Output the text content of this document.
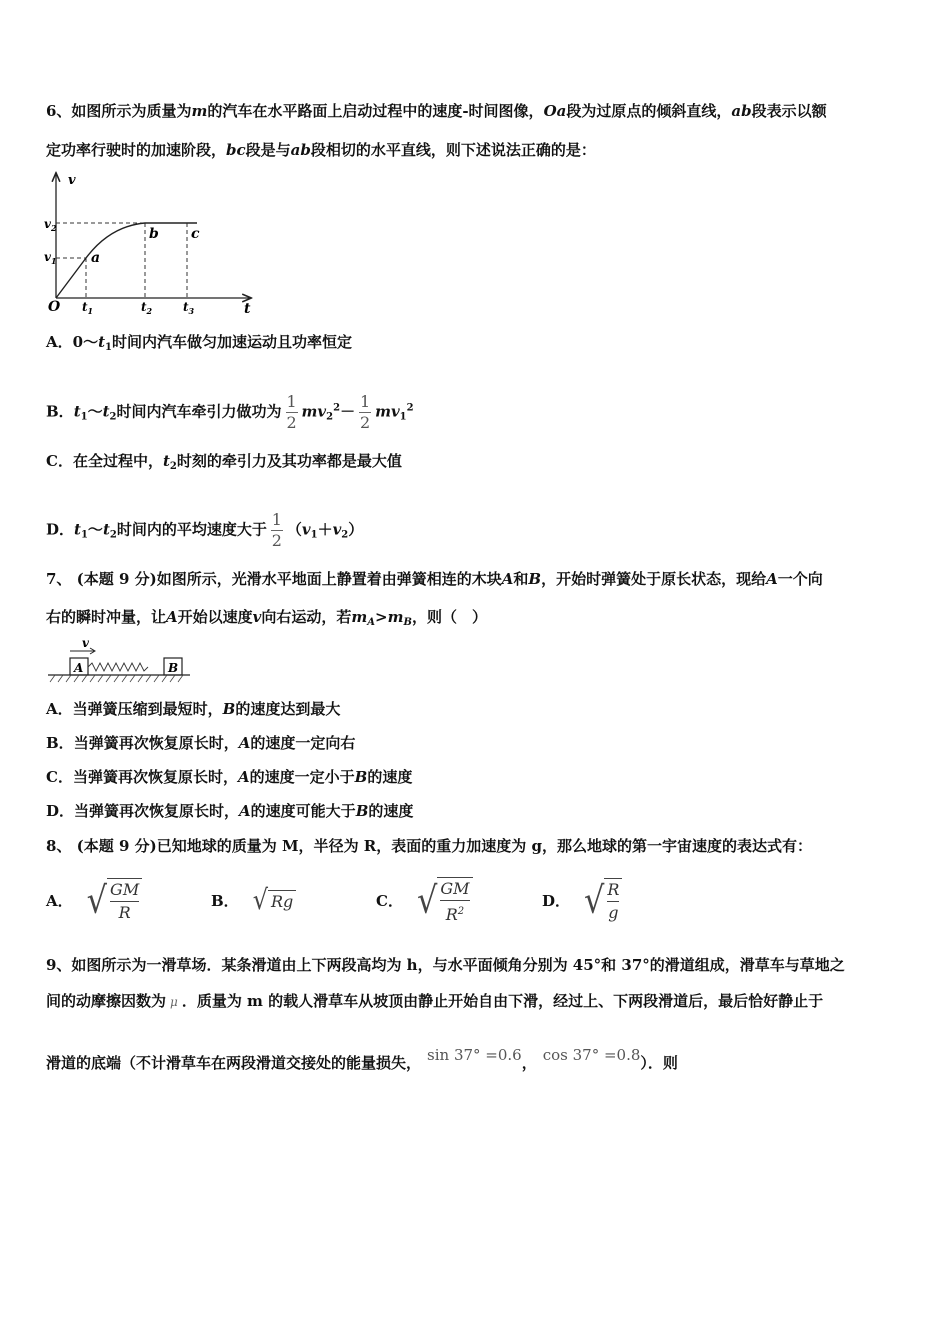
6、如图所示为质量为m的汽车在水平路面上启动过程中的速度-时间图像，Oa段为过原点的倾斜直线，ab段表示以额
定功率行驶时的加速阶段，bc段是与ab段相切的水平直线，则下述说法正确的是：
v
t
O
$v_2$
$v_1$
$t_1$	$t_2$	$t_3$
a
b c
A．$0\sim t_1$时间内汽车做匀加速运动且功率恒定
B．$t_1\sim t_2$时间内汽车牵引力做功为 $\frac{1}{2} mv_2^2- \frac{1}{2} mv_1^2$
C．在全过程中，$t_2$时刻的牵引力及其功率都是最大值
D．$t_1\sim t_2$时间内的平均速度大于 $\frac{1}{2} (v_1+v_2)$
7、 (本题 9 分)如图所示，光滑水平地面上静置着由弹簧相连的木块A和B，开始时弹簧处于原长状态，现给A一个向
右的瞬时冲量，让A开始以速度v向右运动，若$m_A>m_B$，则（　）
v
A	B
A．当弹簧压缩到最短时，B的速度达到最大
B．当弹簧再次恢复原长时，A的速度一定向右
C．当弹簧再次恢复原长时，A的速度一定小于B的速度
D．当弹簧再次恢复原长时，A的速度可能大于B的速度
8、 (本题 9 分)已知地球的质量为 M，半径为 R，表面的重力加速度为 g，那么地球的第一宇宙速度的表达式有：
A． √ GM
R
B． √ Rg	C． √ GM
$R^2$
D． √ R
g
9、如图所示为一滑草场．某条滑道由上下两段高均为 h，与水平面倾角分别为 45°和 37°的滑道组成，滑草车与草地之
间的动摩擦因数为 μ ．质量为 m 的载人滑草车从坡顶由静止开始自由下滑，经过上、下两段滑道后，最后恰好静止于
滑道的底端（不计滑草车在两段滑道交接处的能量损失， sin 37° =0.6， cos 37° =0.8）．则
